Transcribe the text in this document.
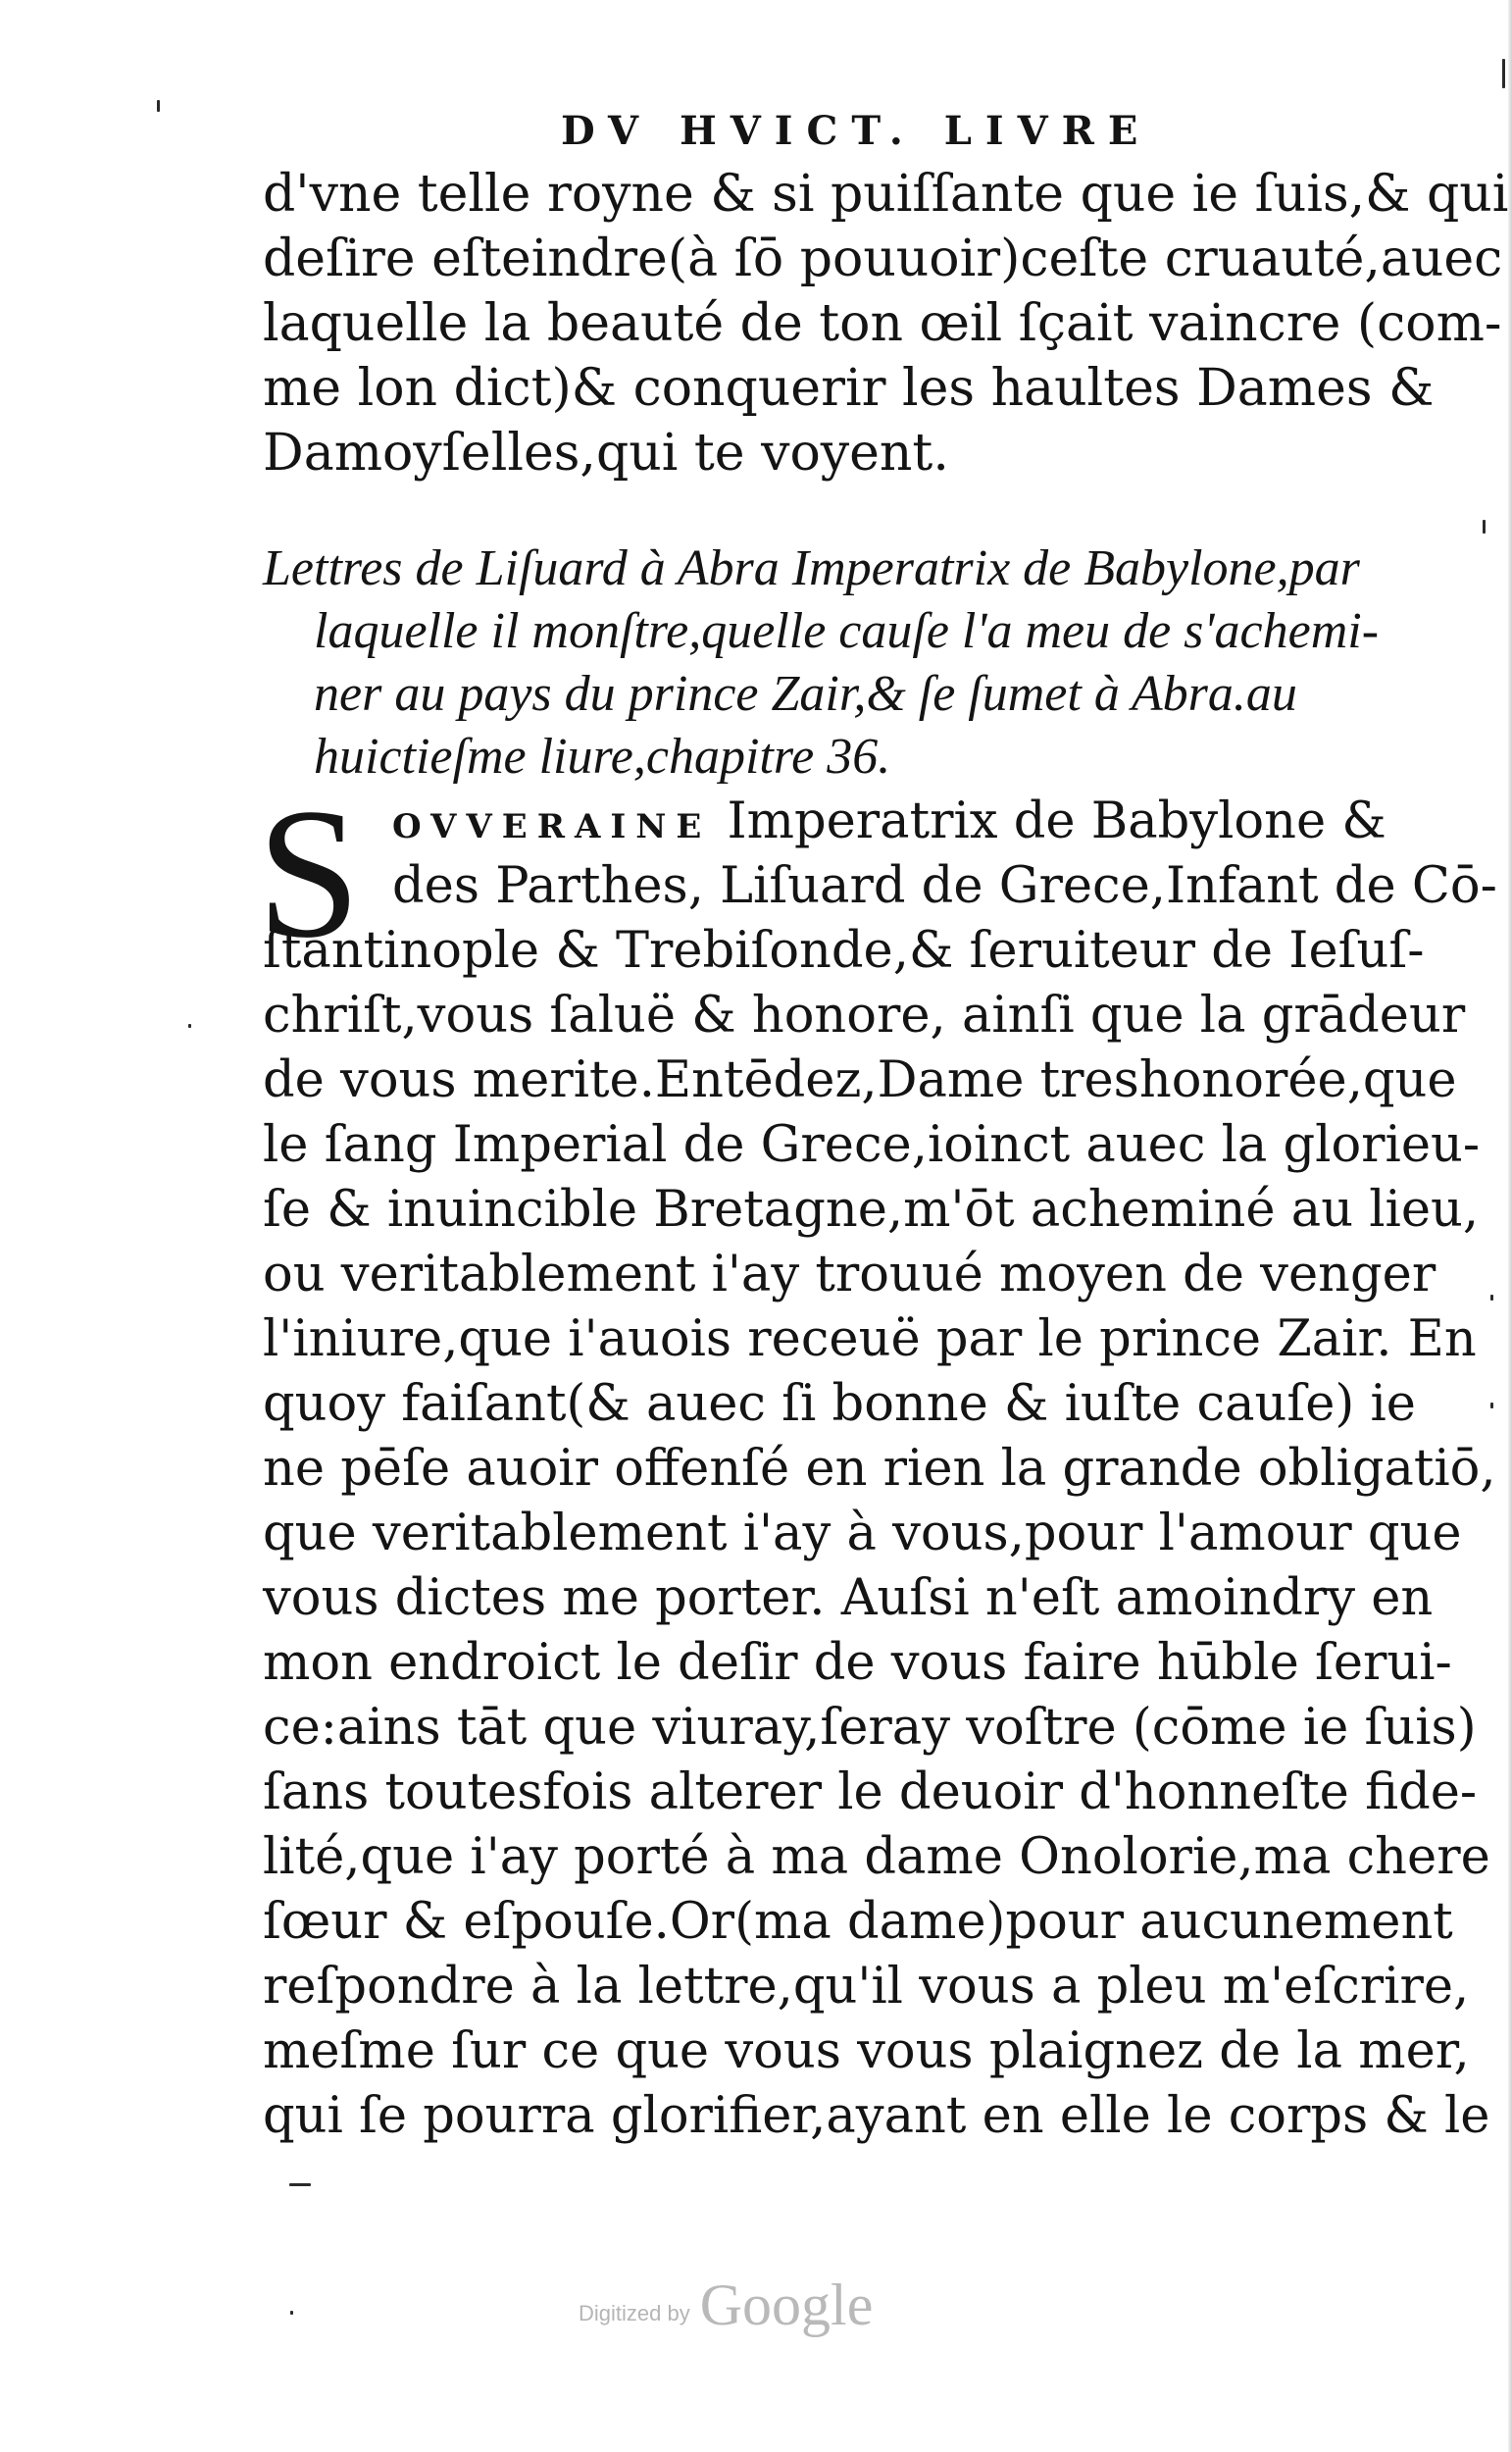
DV HVICT. LIVRE
d'vne telle royne & si puiſſante que ie ſuis,& qui
deſire eſteindre(à ſō pouuoir)ceſte cruauté,auec
laquelle la beauté de ton œil ſçait vaincre (com-
me lon dict)& conquerir les haultes Dames &
Damoyſelles,qui te voyent.
Lettres de Liſuard à Abra Imperatrix de Babylone,par
laquelle il monſtre,quelle cauſe l'a meu de s'achemi-
ner au pays du prince Zair,& ſe ſumet à Abra.au
huictieſme liure,chapitre 36.
S OVVERAINE Imperatrix de Babylone &
des Parthes, Liſuard de Grece,Infant de Cō-
ſtantinople & Trebiſonde,& ſeruiteur de Ieſuſ-
chriſt,vous ſaluë & honore, ainſi que la grādeur
de vous merite.Entēdez,Dame treshonorée,que
le ſang Imperial de Grece,ioinct auec la glorieu-
ſe & inuincible Bretagne,m'ōt acheminé au lieu,
ou veritablement i'ay trouué moyen de venger
l'iniure,que i'auois receuë par le prince Zair. En
quoy faiſant(& auec ſi bonne & iuſte cauſe) ie
ne pēſe auoir offenſé en rien la grande obligatiō,
que veritablement i'ay à vous,pour l'amour que
vous dictes me porter. Auſsi n'eſt amoindry en
mon endroict le deſir de vous faire hūble ſerui-
ce:ains tāt que viuray,ſeray voſtre (cōme ie ſuis)
ſans toutesfois alterer le deuoir d'honneſte fide-
lité,que i'ay porté à ma dame Onolorie,ma chere
ſœur & eſpouſe.Or(ma dame)pour aucunement
reſpondre à la lettre,qu'il vous a pleu m'eſcrire,
meſme ſur ce que vous vous plaignez de la mer,
qui ſe pourra glorifier,ayant en elle le corps & le
Digitized by Google
